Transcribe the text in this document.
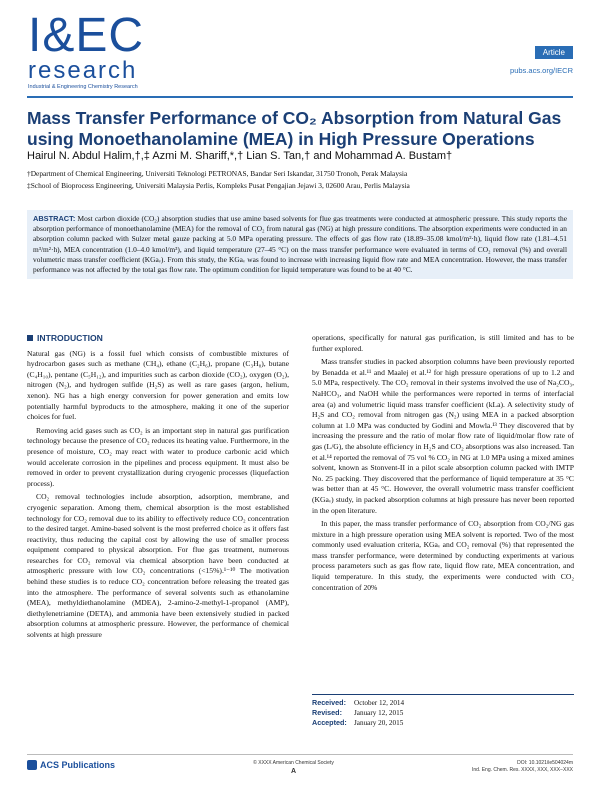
I&EC
research
Industrial & Engineering Chemistry Research
Article
pubs.acs.org/IECR
Mass Transfer Performance of CO₂ Absorption from Natural Gas using Monoethanolamine (MEA) in High Pressure Operations
Hairul N. Abdul Halim,†,‡ Azmi M. Shariff,*,† Lian S. Tan,† and Mohammad A. Bustam†
†Department of Chemical Engineering, Universiti Teknologi PETRONAS, Bandar Seri Iskandar, 31750 Tronoh, Perak Malaysia
‡School of Bioprocess Engineering, Universiti Malaysia Perlis, Kompleks Pusat Pengajian Jejawi 3, 02600 Arau, Perlis Malaysia
ABSTRACT: Most carbon dioxide (CO₂) absorption studies that use amine based solvents for flue gas treatments were conducted at atmospheric pressure. This study reports the absorption performance of monoethanolamine (MEA) for the removal of CO₂ from natural gas (NG) at high pressure conditions. The absorption experiments were conducted in an absorption column packed with Sulzer metal gauze packing at 5.0 MPa operating pressure. The effects of gas flow rate (18.89–35.08 kmol/m²·h), liquid flow rate (1.81–4.51 m³/m²·h), MEA concentration (1.0–4.0 kmol/m³), and liquid temperature (27–45 °C) on the mass transfer performance were evaluated in terms of CO₂ removal (%) and overall volumetric mass transfer coefficient (KGaᵥ). From this study, the KGaᵥ was found to increase with increasing liquid flow rate and MEA concentration. However, the mass transfer performance was not affected by the total gas flow rate. The optimum condition for liquid temperature was found to be at 40 °C.
INTRODUCTION

Natural gas (NG) is a fossil fuel which consists of combustible mixtures of hydrocarbon gases such as methane (CH₄), ethane (C₂H₆), propane (C₃H₈), butane (C₄H₁₀), pentane (C₅H₁₂), and impurities such as carbon dioxide (CO₂), oxygen (O₂), nitrogen (N₂), and hydrogen sulfide (H₂S) as well as rare gases (argon, helium, xenon). NG has a high energy conversion for power generation and emits low potentially harmful byproducts to the atmosphere, making it one of the superior choices for fuel.

Removing acid gases such as CO₂ is an important step in natural gas purification technology because the presence of CO₂ reduces its heating value. Furthermore, in the presence of moisture, CO₂ may react with water to produce carbonic acid which would accelerate corrosion in the pipelines and process equipment. It must also be removed in order to prevent crystallization during cryogenic processes (liquefaction process).

CO₂ removal technologies include absorption, adsorption, membrane, and cryogenic separation. Among them, chemical absorption is the most established technology for CO₂ removal due to its ability to effectively reduce CO₂ concentration to the desired target. Amine-based solvent is the most preferred choice as it offers fast reactivity, thus reducing the capital cost by allowing the use of smaller process equipment compared to physical absorption. For flue gas treatment, numerous researches for CO₂ removal via chemical absorption have been conducted at atmospheric pressure with low CO₂ concentrations (<15%).¹⁻¹⁰ The motivation behind these studies is to reduce CO₂ concentration before releasing the treated gas into the atmosphere. The performance of several solvents such as ethanolamine (MEA), methyldiethanolamine (MDEA), 2-amino-2-methyl-1-propanol (AMP), diethylenetriamine (DETA), and ammonia have been extensively studied in packed absorption columns at atmospheric pressure. However, the performance of chemical solvents at high pressure

operations, specifically for natural gas purification, is still limited and has to be further explored.

Mass transfer studies in packed absorption columns have been previously reported by Benadda et al.¹¹ and Maalej et al.¹² for high pressure operations of up to 1.2 and 5.0 MPa, respectively. The CO₂ removal in their systems involved the use of Na₂CO₃, NaHCO₃, and NaOH while the performances were reported in terms of interfacial area (a) and volumetric liquid mass transfer coefficient (kLa). A selectivity study of H₂S and CO₂ removal from nitrogen gas (N₂) using MEA in a packed absorption column at 1.0 MPa was conducted by Godini and Mowla.¹³ They discovered that by increasing the pressure and the ratio of molar flow rate of liquid/molar flow rate of gas (L/G), the absolute efficiency in H₂S and CO₂ absorptions was also increased. Tan et al.¹⁴ reported the removal of 75 vol % CO₂ in NG at 1.0 MPa using a mixed amines solvent, known as Stonvent-II in a pilot scale absorption column packed with IMTP No. 25 packing. They discovered that the performance of liquid temperature at 35 °C was better than at 45 °C. However, the overall volumetric mass transfer coefficient (KGaᵥ) study, in packed absorption columns at high pressure has never been reported in the open literature.

In this paper, the mass transfer performance of CO₂ absorption from CO₂/NG gas mixture in a high pressure operation using MEA solvent is reported. Two of the most commonly used evaluation criteria, KGaᵥ and CO₂ removal (%) that represented the mass transfer performance, were determined by conducting experiments at various process parameters such as gas flow rate, liquid flow rate, MEA concentration, and liquid temperature. In this study, the experiments were conducted with CO₂ concentration of 20%

Received:	October 12, 2014
Revised:	January 12, 2015
Accepted:	January 20, 2015
ACS Publications	© XXXX American Chemical Society
A
DOI: 10.1021/ie504024m
Ind. Eng. Chem. Res. XXXX, XXX, XXX−XXX
